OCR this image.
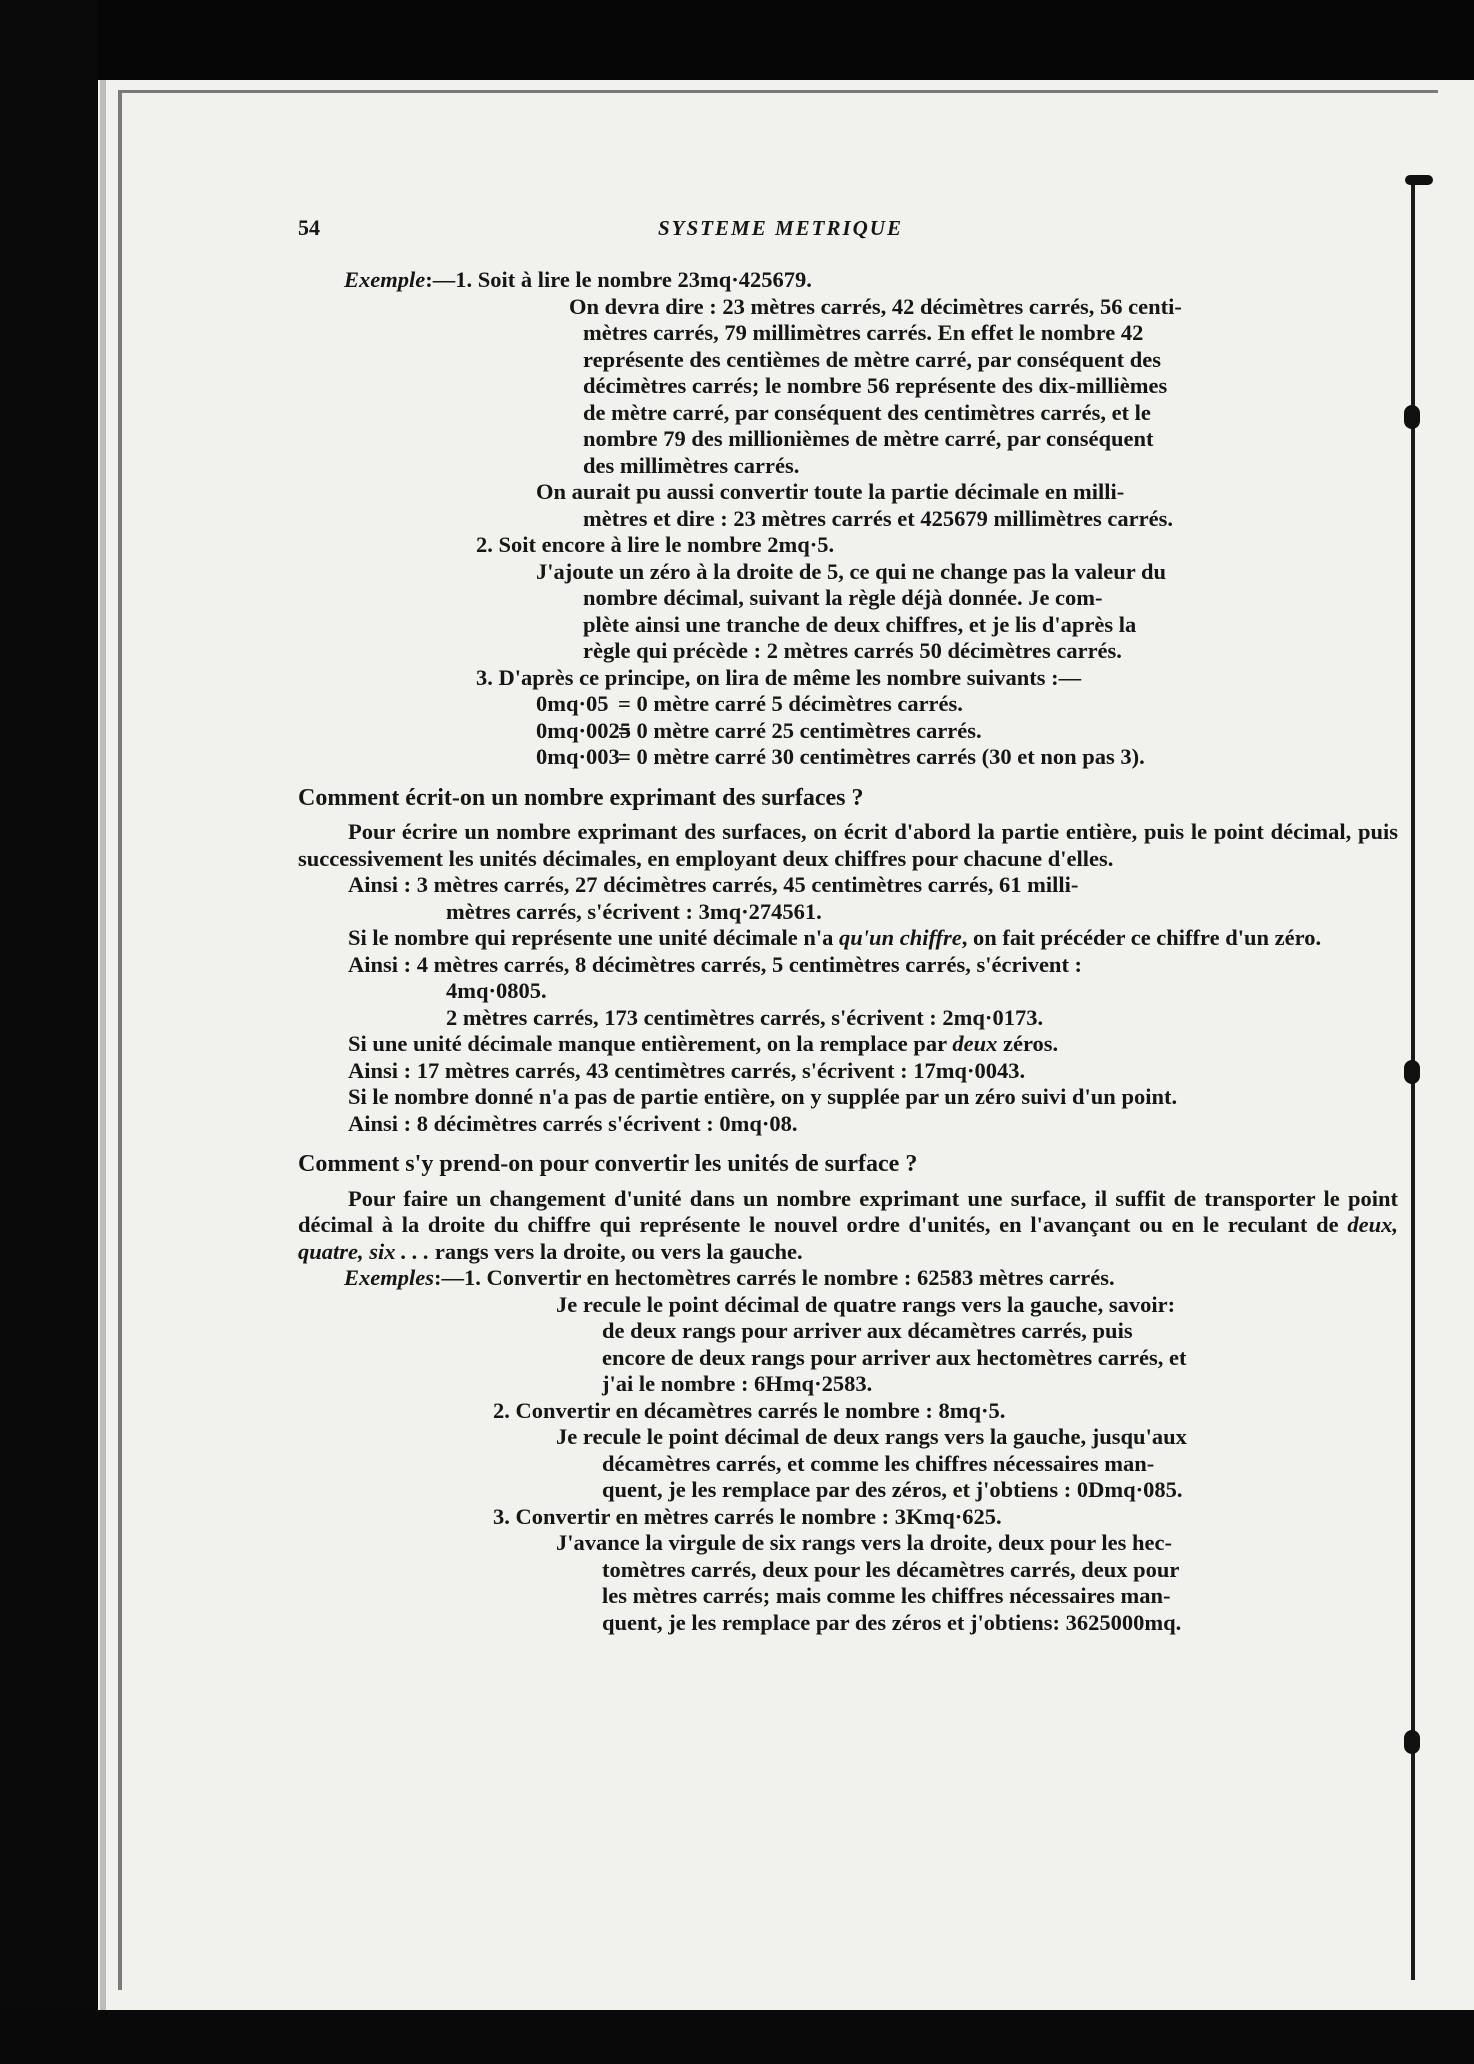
54	SYSTEME METRIQUE

Exemple:—1. Soit à lire le nombre 23mq·425679.

On devra dire : 23 mètres carrés, 42 décimètres carrés, 56 centi-

mètres carrés, 79 millimètres carrés. En effet le nombre 42

représente des centièmes de mètre carré, par conséquent des

décimètres carrés; le nombre 56 représente des dix-millièmes

de mètre carré, par conséquent des centimètres carrés, et le

nombre 79 des millionièmes de mètre carré, par conséquent

des millimètres carrés.

On aurait pu aussi convertir toute la partie décimale en milli-

mètres et dire : 23 mètres carrés et 425679 millimètres carrés.

2. Soit encore à lire le nombre 2mq·5.

J'ajoute un zéro à la droite de 5, ce qui ne change pas la valeur du

nombre décimal, suivant la règle déjà donnée. Je com-

plète ainsi une tranche de deux chiffres, et je lis d'après la

règle qui précède : 2 mètres carrés 50 décimètres carrés.

3. D'après ce principe, on lira de même les nombre suivants :—

0mq·05 = 0 mètre carré 5 décimètres carrés.

0mq·0025= 0 mètre carré 25 centimètres carrés.

0mq·003= 0 mètre carré 30 centimètres carrés (30 et non pas 3).

Comment écrit-on un nombre exprimant des surfaces ?

Pour écrire un nombre exprimant des surfaces, on écrit d'abord la partie entière, puis le point décimal, puis successivement les unités décimales, en employant deux chiffres pour chacune d'elles.

Ainsi : 3 mètres carrés, 27 décimètres carrés, 45 centimètres carrés, 61 milli-

mètres carrés, s'écrivent : 3mq·274561.

Si le nombre qui représente une unité décimale n'a qu'un chiffre, on fait précéder ce chiffre d'un zéro.

Ainsi : 4 mètres carrés, 8 décimètres carrés, 5 centimètres carrés, s'écrivent :

4mq·0805.

2 mètres carrés, 173 centimètres carrés, s'écrivent : 2mq·0173.

Si une unité décimale manque entièrement, on la remplace par deux zéros.

Ainsi : 17 mètres carrés, 43 centimètres carrés, s'écrivent : 17mq·0043.

Si le nombre donné n'a pas de partie entière, on y supplée par un zéro suivi d'un point.

Ainsi : 8 décimètres carrés s'écrivent : 0mq·08.

Comment s'y prend-on pour convertir les unités de surface ?

Pour faire un changement d'unité dans un nombre exprimant une surface, il suffit de transporter le point décimal à la droite du chiffre qui représente le nouvel ordre d'unités, en l'avançant ou en le reculant de deux, quatre, six . . . rangs vers la droite, ou vers la gauche.

Exemples:—1. Convertir en hectomètres carrés le nombre : 62583 mètres carrés.

Je recule le point décimal de quatre rangs vers la gauche, savoir:

de deux rangs pour arriver aux décamètres carrés, puis

encore de deux rangs pour arriver aux hectomètres carrés, et

j'ai le nombre : 6Hmq·2583.

2. Convertir en décamètres carrés le nombre : 8mq·5.

Je recule le point décimal de deux rangs vers la gauche, jusqu'aux

décamètres carrés, et comme les chiffres nécessaires man-

quent, je les remplace par des zéros, et j'obtiens : 0Dmq·085.

3. Convertir en mètres carrés le nombre : 3Kmq·625.

J'avance la virgule de six rangs vers la droite, deux pour les hec-

tomètres carrés, deux pour les décamètres carrés, deux pour

les mètres carrés; mais comme les chiffres nécessaires man-

quent, je les remplace par des zéros et j'obtiens: 3625000mq.
